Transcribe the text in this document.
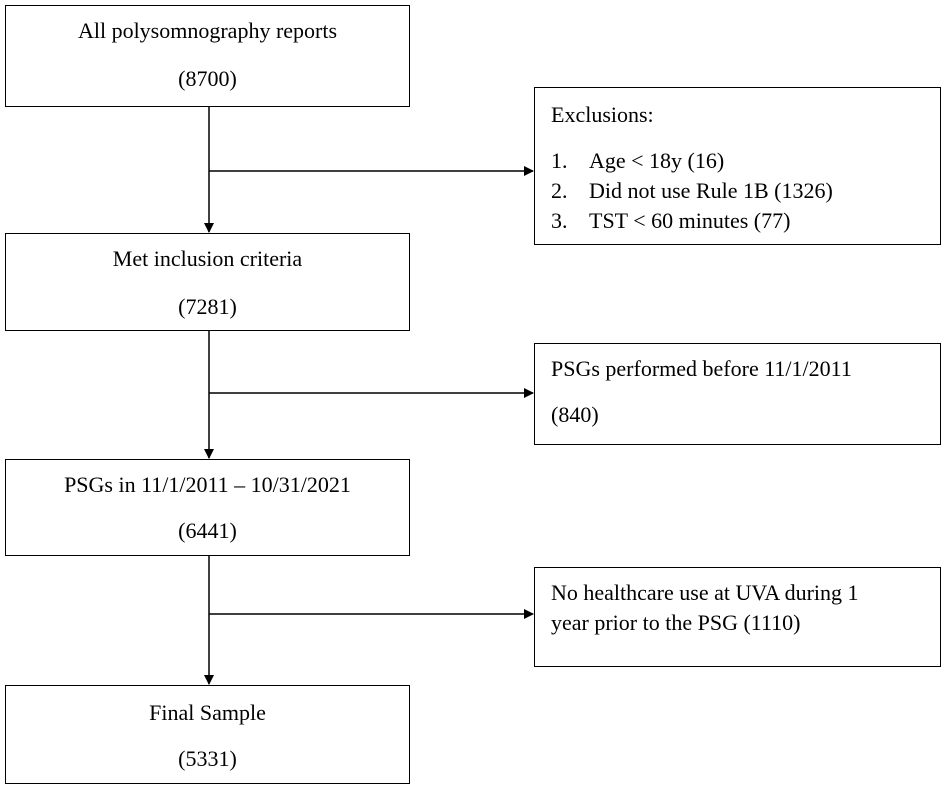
All polysomnography reports
(8700)
Met inclusion criteria
(7281)
PSGs in 11/1/2011 – 10/31/2021
(6441)
Final Sample
(5331)
Exclusions:
1. Age < 18y (16)
2. Did not use Rule 1B (1326)
3. TST < 60 minutes (77)
PSGs performed before 11/1/2011
(840)
No healthcare use at UVA during 1
year prior to the PSG (1110)
